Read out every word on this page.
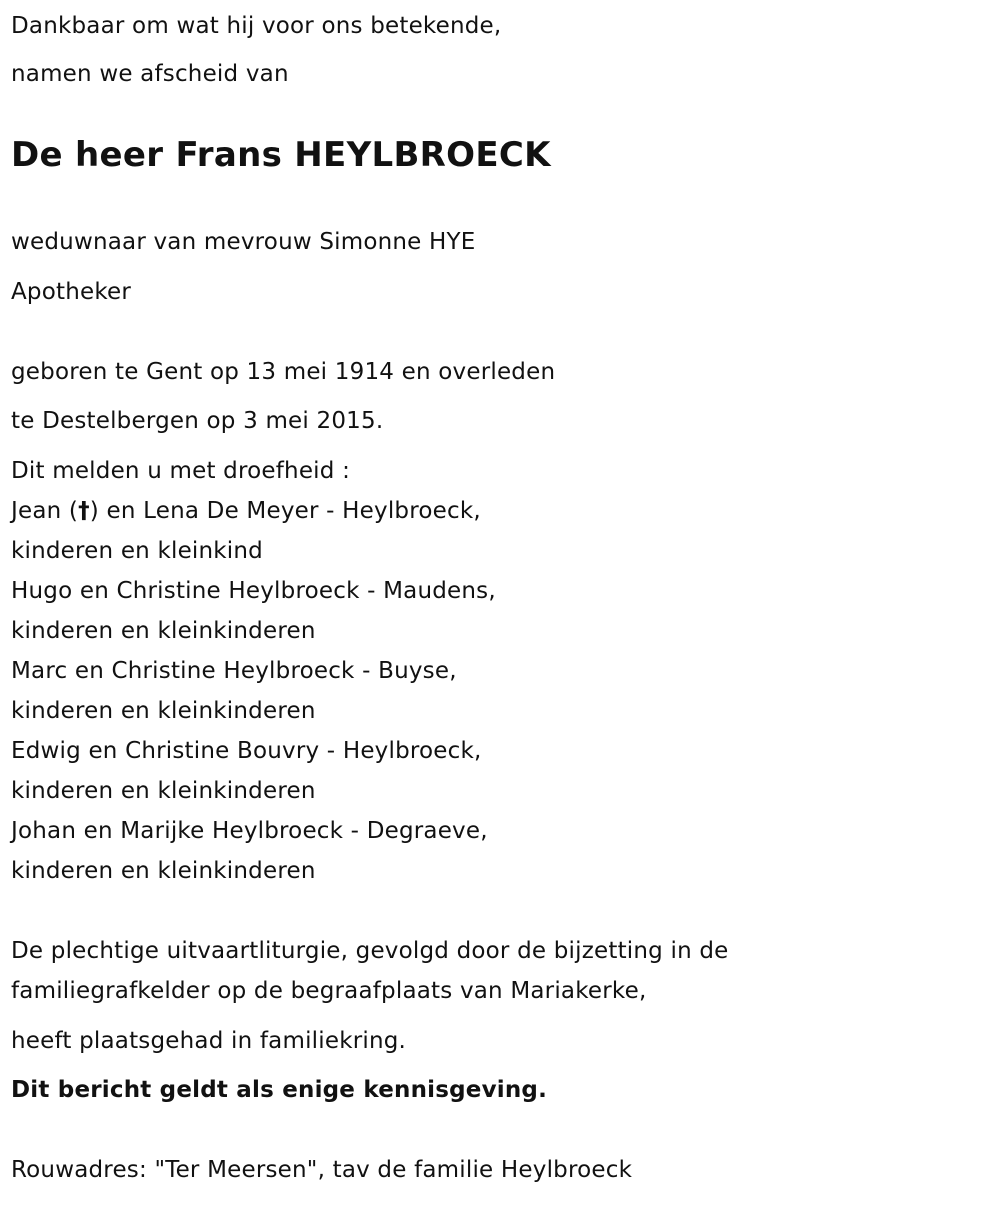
Dankbaar om wat hij voor ons betekende,
namen we afscheid van
De heer Frans HEYLBROECK
weduwnaar van mevrouw Simonne HYE
Apotheker
geboren te Gent op 13 mei 1914 en overleden
te Destelbergen op 3 mei 2015.
Dit melden u met droefheid :
Jean (†) en Lena De Meyer - Heylbroeck,
kinderen en kleinkind
Hugo en Christine Heylbroeck - Maudens,
kinderen en kleinkinderen
Marc en Christine Heylbroeck - Buyse,
kinderen en kleinkinderen
Edwig en Christine Bouvry - Heylbroeck,
kinderen en kleinkinderen
Johan en Marijke Heylbroeck - Degraeve,
kinderen en kleinkinderen
De plechtige uitvaartliturgie, gevolgd door de bijzetting in de
familiegrafkelder op de begraafplaats van Mariakerke,
heeft plaatsgehad in familiekring.
Dit bericht geldt als enige kennisgeving.
Rouwadres: "Ter Meersen", tav de familie Heylbroeck
